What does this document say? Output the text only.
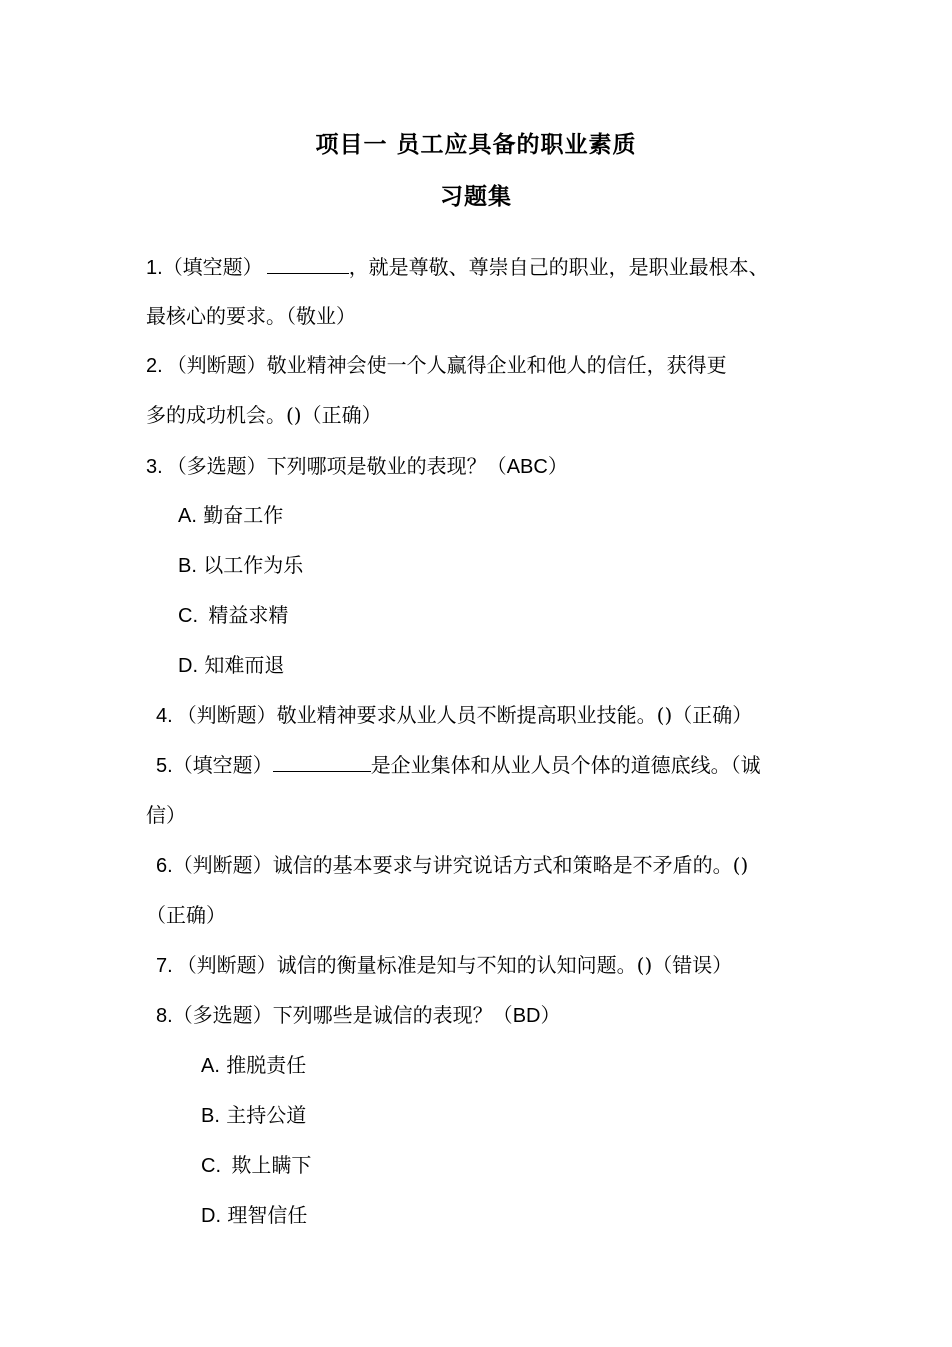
项目一 员工应具备的职业素质
习题集
1.（填空题）	，就是尊敬、尊崇自己的职业，是职业最根本、
最核心的要求。（敬业）
2. （判断题）敬业精神会使一个人赢得企业和他人的信任，获得更
多的成功机会。()（正确）
3. （多选题）下列哪项是敬业的表现？（ABC）
A. 勤奋工作
B. 以工作为乐
C. 精益求精
D. 知难而退
4. （判断题）敬业精神要求从业人员不断提高职业技能。()（正确）
5.（填空题）	是企业集体和从业人员个体的道德底线。（诚
信）
6.（判断题）诚信的基本要求与讲究说话方式和策略是不矛盾的。()
（正确）
7. （判断题）诚信的衡量标准是知与不知的认知问题。()（错误）
8.（多选题）下列哪些是诚信的表现？（BD）
A. 推脱责任
B. 主持公道
C. 欺上瞒下
D. 理智信任
